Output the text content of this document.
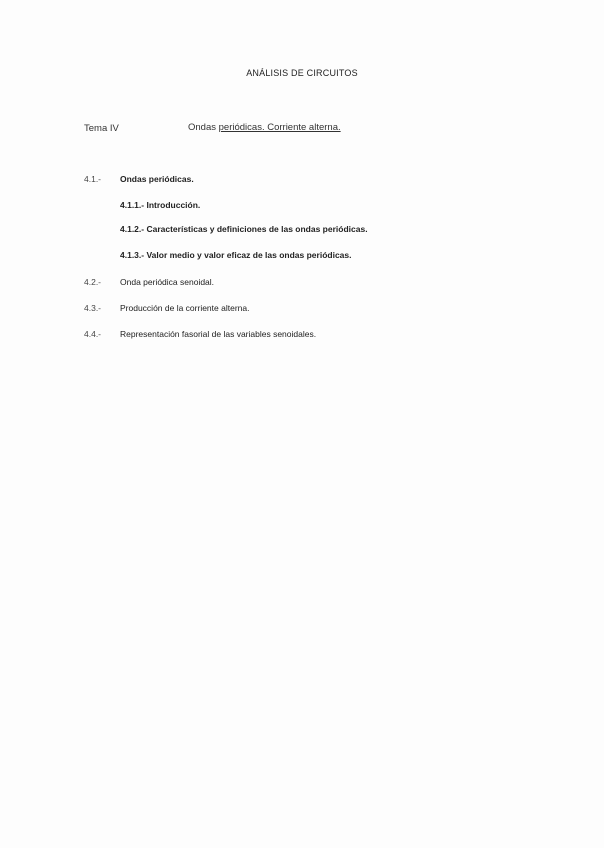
ANÁLISIS DE CIRCUITOS
Tema IV	Ondas periódicas. Corriente alterna.
4.1.- Ondas periódicas.
4.1.1.- Introducción.
4.1.2.- Características y definiciones de las ondas periódicas.
4.1.3.- Valor medio y valor eficaz de las ondas periódicas.
4.2.- Onda periódica senoidal.
4.3.- Producción de la corriente alterna.
4.4.- Representación fasorial de las variables senoidales.
